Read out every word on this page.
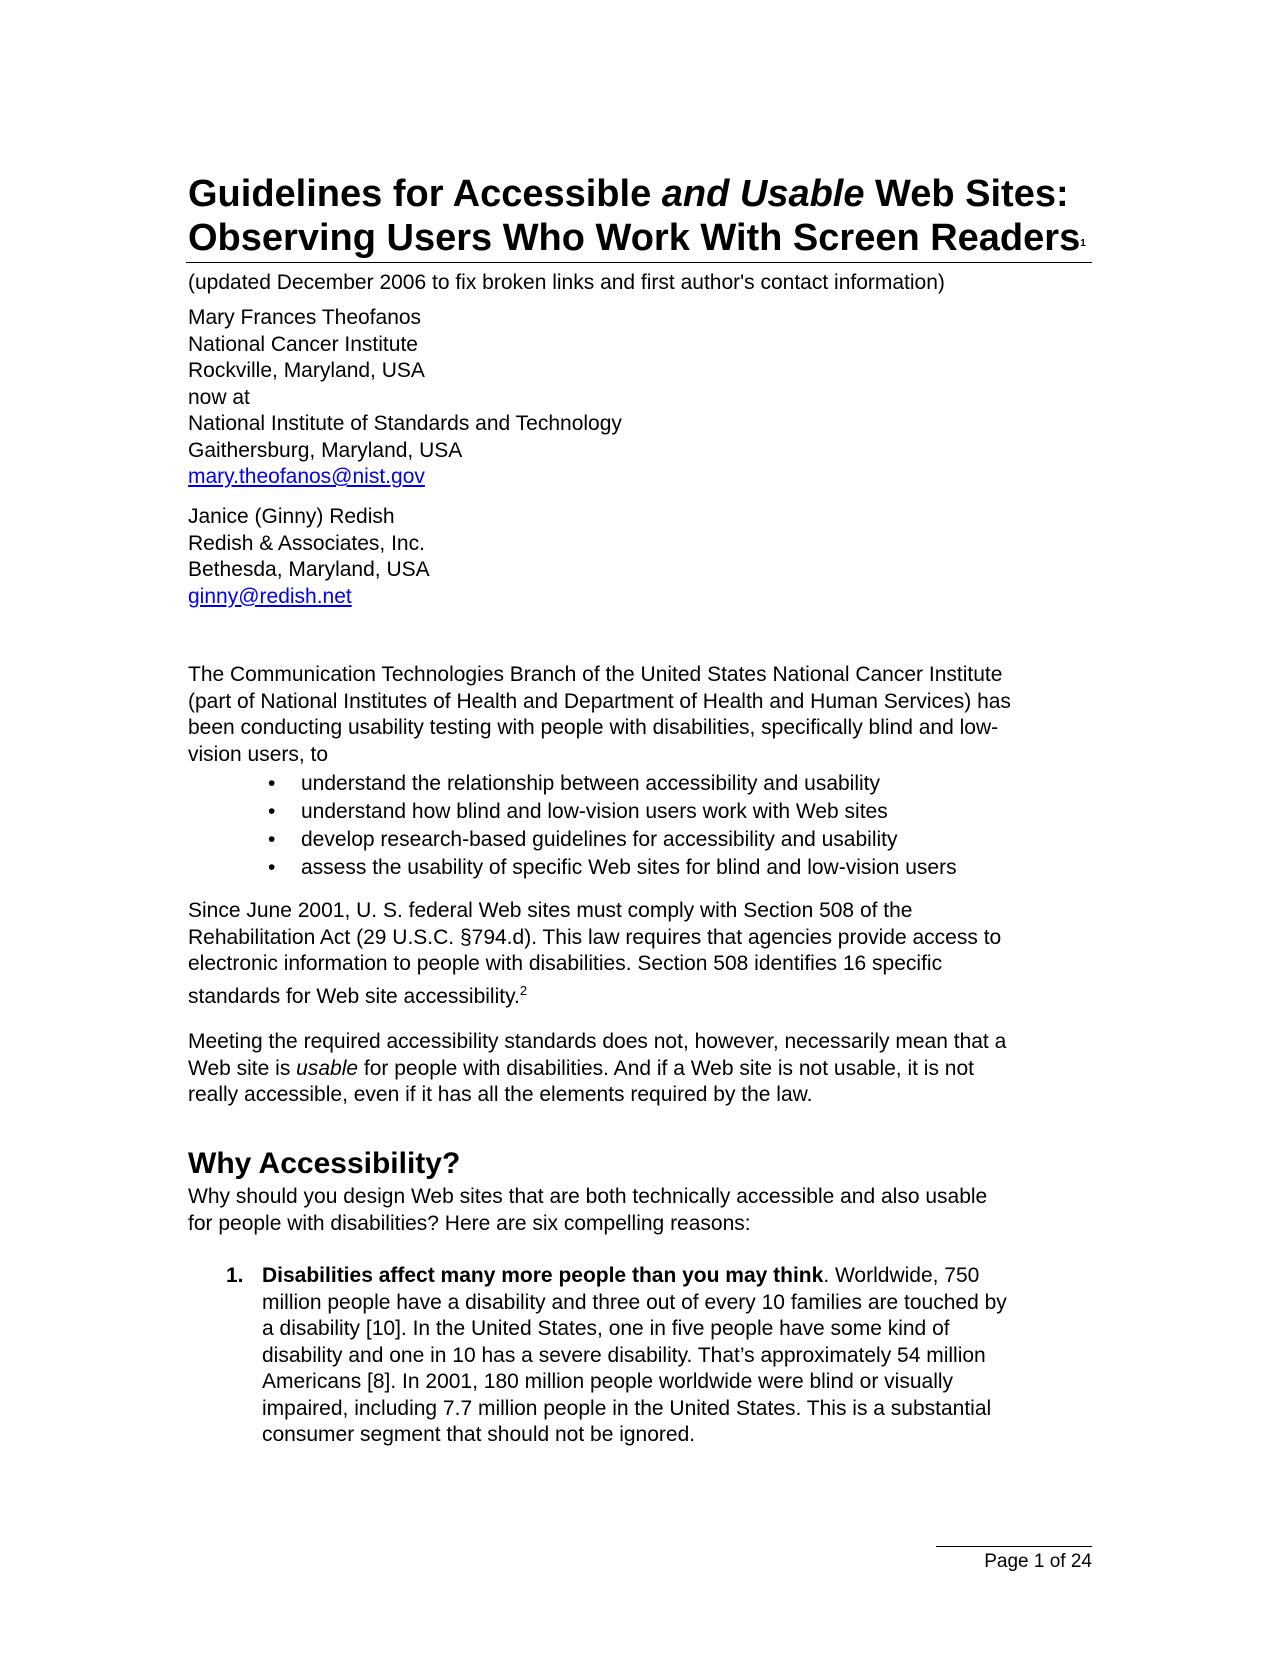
Guidelines for Accessible and Usable Web Sites:
Observing Users Who Work With Screen Readers$^1$
(updated December 2006 to fix broken links and first author's contact information)
Mary Frances Theofanos
National Cancer Institute
Rockville, Maryland, USA
now at
National Institute of Standards and Technology
Gaithersburg, Maryland, USA
mary.theofanos@nist.gov
Janice (Ginny) Redish
Redish & Associates, Inc.
Bethesda, Maryland, USA
ginny@redish.net
The Communication Technologies Branch of the United States National Cancer Institute
(part of National Institutes of Health and Department of Health and Human Services) has
been conducting usability testing with people with disabilities, specifically blind and low-
vision users, to
• understand the relationship between accessibility and usability
• understand how blind and low-vision users work with Web sites
• develop research-based guidelines for accessibility and usability
• assess the usability of specific Web sites for blind and low-vision users
Since June 2001, U. S. federal Web sites must comply with Section 508 of the
Rehabilitation Act (29 U.S.C. §794.d). This law requires that agencies provide access to
electronic information to people with disabilities. Section 508 identifies 16 specific
standards for Web site accessibility.$^2$
Meeting the required accessibility standards does not, however, necessarily mean that a
Web site is usable for people with disabilities. And if a Web site is not usable, it is not
really accessible, even if it has all the elements required by the law.
Why Accessibility?
Why should you design Web sites that are both technically accessible and also usable
for people with disabilities? Here are six compelling reasons:
1. Disabilities affect many more people than you may think. Worldwide, 750
million people have a disability and three out of every 10 families are touched by
a disability [10]. In the United States, one in five people have some kind of
disability and one in 10 has a severe disability. That’s approximately 54 million
Americans [8]. In 2001, 180 million people worldwide were blind or visually
impaired, including 7.7 million people in the United States. This is a substantial
consumer segment that should not be ignored.
Page 1 of 24
